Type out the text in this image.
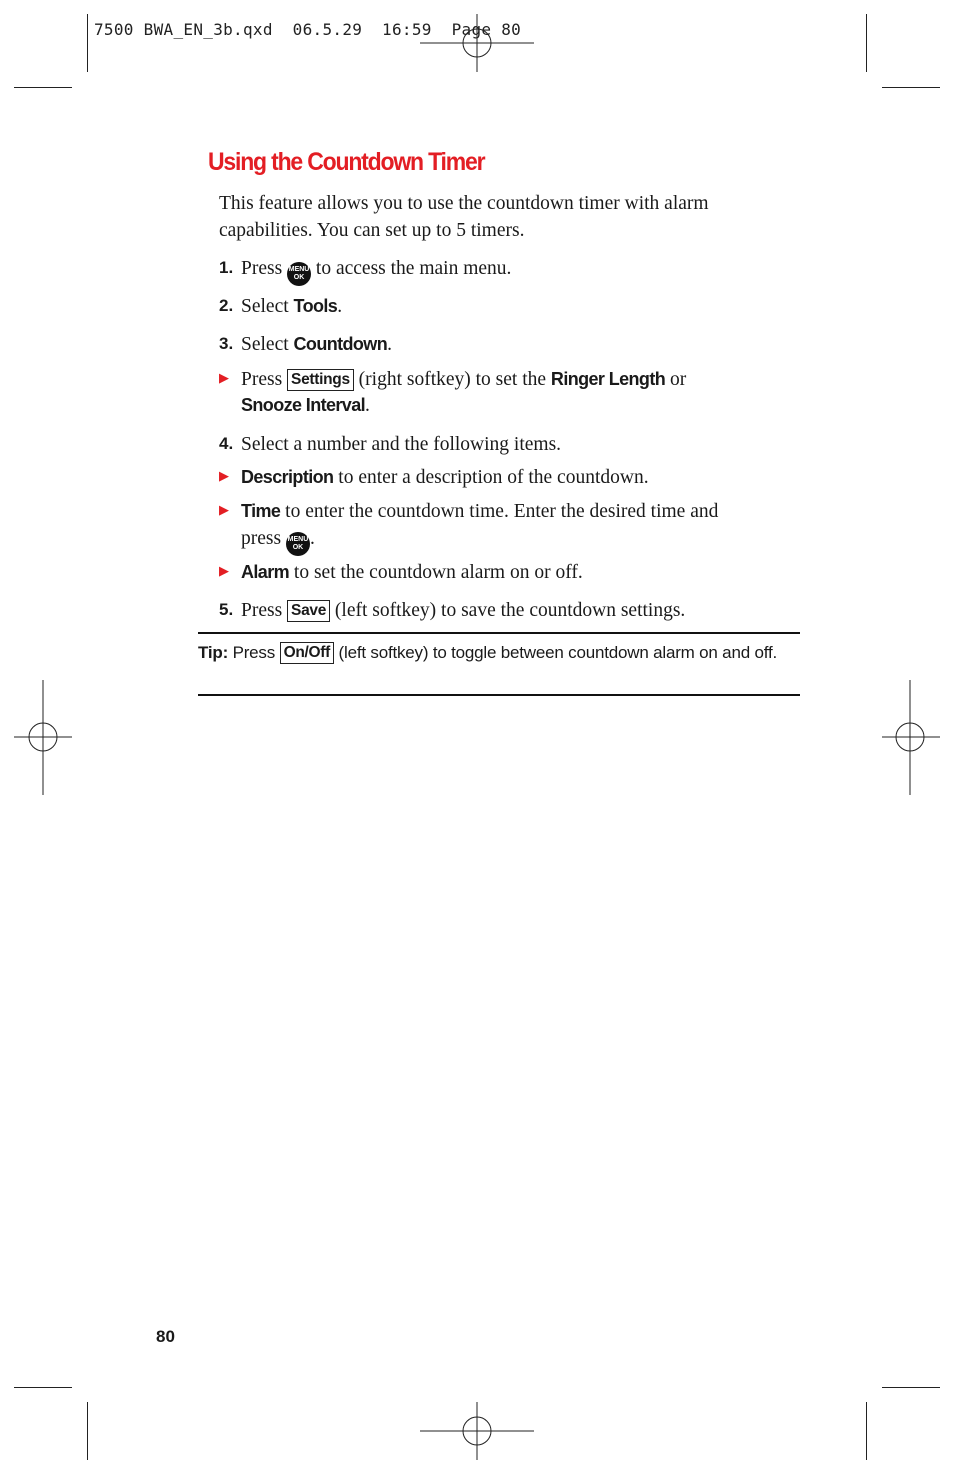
7500 BWA_EN_3b.qxd  06.5.29  16:59  Page 80
Using the Countdown Timer
This feature allows you to use the countdown timer with alarm
capabilities. You can set up to 5 timers.
1. Press MENU
OK to access the main menu.
2. Select Tools.
3. Select Countdown.
▶ Press Settings (right softkey) to set the Ringer Length or
Snooze Interval.
4. Select a number and the following items.
▶ Description to enter a description of the countdown.
▶ Time to enter the countdown time. Enter the desired time and
press MENU
OK .
▶ Alarm to set the countdown alarm on or off.
5. Press Save (left softkey) to save the countdown settings.
Tip: Press On/Off (left softkey) to toggle between countdown alarm on and off.
80
